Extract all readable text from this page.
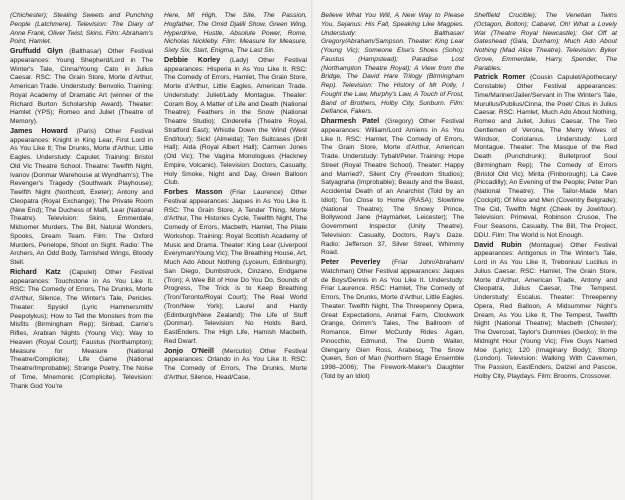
(Chichester); Stealing Sweets and Punching People (Latchmere). Television: The Diary of Anne Frank, Oliver Twist, Skins. Film: Abraham's Point, Hamlet.

Gruffudd Glyn (Balthasar) Other Festival appearances: Young Shepherd/Lord in The Winter's Tale, Cinna/Young Cato in Julius Caesar. RSC: The Grain Store, Morte d'Arthur, American Trade. Understudy: Benvolio. Training: Royal Academy of Dramatic Art (winner of the Richard Burton Scholarship Award). Theater: Hamlet (YPS); Romeo and Juliet (Theatre of Memory).

James Howard (Paris) Other Festival appearances: Knight in King Lear, First Lord in As You Like It; The Drunks, Morte d'Arthur, Little Eagles. Understudy: Capulet. Training: Bristol Old Vic Theatre School. Theatre: Twelfth Night, Ivanov (Donmar Warehouse at Wyndham's); The Revenger's Tragedy (Southwark Playhouse); Twelfth Night (Northcott, Exeter); Antony and Cleopatra (Royal Exchange); The Private Room (New End); The Duchess of Malfi, Lear (National Theatre). Television: Skins, Emmerdale, Midsomer Murders, The Bill, Natural Wonders, Spooks, Dream Team. Film: The Oxford Murders, Penelope, Shoot on Sight. Radio: The Archers, An Odd Body, Tarnished Wings, Bloody Stell.

Richard Katz (Capulet) Other Festival appearances: Touchstone in As You Like It. RSC: The Comedy of Errors, The Drunks, Morte d'Arthur, Silence, The Winter's Tale, Pericles. Theater: Spyski! (Lyric Hammersmith/ Peepolykus); How to Tell the Monsters from the Misfits (Birmingham Rep); Sinbad, Carrie's Rifles, Arabian Nights (Young Vic); Way to Heaven (Royal Court); Faustus (Northampton); Measure for Measure (National Theatre/Complicite); Life Game (National Theatre/Improbable); Strange Poetry, The Noise of Time, Mnemonic (Complicite). Television: Thank God You're

Here, MI High, The Site, The Passion, Hogfather, The Omid Djalili Show, Green Wing, Hyperdrive, Hustle, Absolute Power, Rome, Nicholas Nickleby. Film: Measure for Measure, Sixty Six, Start, Enigma, The Last Sin.

Debbie Korley (Lady) Other Festival appearances: Hisperia in As You Like It. RSC: The Comedy of Errors, Hamlet, The Grain Store, Morte d'Arthur, Little Eagles, American Trade. Understudy: Juliet/Lady Montague. Theater: Coram Boy, A Matter of Life and Death (National Theatre); Feathers in the Snow (National Theatre Studio); Cinderella (Theatre Royal, Stratford East); Whistle Down the Wind (West End/tour); Sick! (Almeida); Ten Suitcases (Drill Hall); Aida (Royal Albert Hall); Carmen Jones (Old Vic); The Vagina Monologues (Hackney Empire, Volcanic). Television: Doctors, Casualty, Holy Smoke, Night and Day, Green Balloon Club.

Forbes Masson (Friar Laurence) Other Festival appearances: Jaques in As You Like It. RSC: The Grain Store, A Tender Thing, Morte d'Arthur, The Histories Cycle, Twelfth Night, The Comedy of Errors, Macbeth, Hamlet, The Pilate Workshop. Training: Royal Scottish Academy of Music and Drama. Theater: King Lear (Liverpool Everyman/Young Vic); The Breathing House, Art, Much Ado About Nothing (Lyceum, Edinburgh); San Diego, Dumbstruck, Cinzano, Endgame (Tron); A Wee Bit of How Do You Do, Sounds of Progress, The Trick is to Keep Breathing (Tron/Toronto/Royal Court); The Real World (Tron/New York); Laurel and Hardy (Edinburgh/New Zealand); The Life of Stuff (Donmar). Television: No Holds Bard, EastEnders. The High Life, Hamish Macbeth, Red Dwarf.

Jonjo O'Neill (Mercutio) Other Festival appearances: Orlando in As You Like It. RSC: The Comedy of Errors, The Drunks, Morte d'Arthur, Silence, Head/Case,

Believe What You Will, A New Way to Please You, Sejanus: His Fall, Speaking Like Magpies. Understudy: Balthasar/ Gregory/Abraham/Sampson. Theater: King Lear (Young Vic); Someone Else's Shoes (Soho); Faustus (Hampstead); Paradise Lost (Northampton Theatre Royal); A View from the Bridge, The David Hare Trilogy (Birmingham Rep). Television: The History of Mr Polly, I Fought the Law, Murphy's Law, A Touch of Frost, Band of Brothers, Holby City, Sunburn. Film: Defiance, Fakers.

Dharmesh Patel (Gregory) Other Festival appearances: William/Lord Amiens in As You Like It. RSC: Hamlet, The Comedy of Errors, The Grain Store, Morte d'Arthur, American Trade. Understudy: Tybalt/Peter. Training: Hope Street (Royal Theatre School). Theater: Happy and Married?, Silent Cry (Freedom Studios); Satyagraha (Improbable); Beauty and the Beast, Accidental Death of an Anarchist (Told by an Idiot); Too Close to Home (RASA); Slowtime (National Theatre); The Snowy Prince, Bollywood Jane (Haymarket, Leicester); The Government Inspector (Unity Theatre). Television: Casualty, Doctors, Ray's Daze. Radio: Jefferson 37, Silver Street, Whimmy Road.

Peter Peverley (Friar John/Abraham/ Watchman) Other Festival appearances: Jaques de Boys/Dennis in As You Like It. Understudy: Friar Laurence. RSC: Hamlet, The Comedy of Errors, The Drunks, Morte d'Arthur, Little Eagles. Theater: Twelfth Night, The Threepenny Opera, Great Expectations, Animal Farm, Clockwork Orange, Grimm's Tales, The Ballroom of Romance, Elmer McCurdy Rides Again, Pinocchio, Edmund, The Dumb Waiter, Glengarry Glen Ross, Arabesq, The Snow Queen, Son of Man (Northern Stage Ensemble 1998–2006); The Firework-Maker's Daughter (Told by an Idiot)

Sheffield Crucible); The Venetian Twins (Octagon, Bolton); Cabaret, Oh! What a Lovely War (Theatre Royal Newcastle); Get Off at Gateshead (Gala, Durham); Much Ado About Nothing (Mad Alice Theatre). Television: Byker Grove, Emmerdale, Harry, Spender, The Parables.

Patrick Romer (Cousin Capulet/Apothecary/ Constable) Other Festival appearances: Time/Mariner/Jailer/Servant in The Winter's Tale, Murullus/Publius/Cinna, the Poet/ Citus in Julius Caesar. RSC: Hamlet, Much Ado About Nothing, Romeo and Juliet, Julius Caesar, The Two Gentlemen of Verona, The Merry Wives of Windsor, Coriolanus. Understudy: Lord Montague. Theater: The Masque of the Red Death (Punchdrunk); Bulletproof Soul (Birmingham Rep); The Comedy of Errors (Bristol Old Vic); Mirita (Finborough); La Cave (Piccadilly); An Evening of the People; Peter Pan (National Theatre); The Tailor-Made Man (Cockpit); Of Mice and Men (Coventry Belgrade); The Cid, Twelfth Night (Cheek by Jowl/tour). Television: Primeval, Robinson Crusoe, The Four Seasons, Casualty, The Bill, The Project, DDU. Film: The World is Not Enough.

David Rubin (Montague) Other Festival appearances: Antigonus in The Winter's Tale, Lord in As You Like It, Trebonius/ Lucilius in Julius Caesar. RSC: Hamlet, The Grain Store, Morte d'Arthur, American Trade, Antony and Cleopatra, Julius Caesar, The Tempest. Understudy: Escalus. Theater: Threepenny Opera, Red Balloon, A Midsummer Night's Dream, As You Like It, The Tempest, Twelfth Night (National Theatre); Macbeth (Chester); The Overcoat, Taylor's Dummies (Gecko); In the Midnight Hour (Young Vic); Five Guys Named Moe (Lyric); 120 (Imaginary Body); Stomp (London). Television: Walking With Cavemen, The Passion, EastEnders, Dalziel and Pascoe, Holby City, Playdays. Film: Brooms, Crossover.
